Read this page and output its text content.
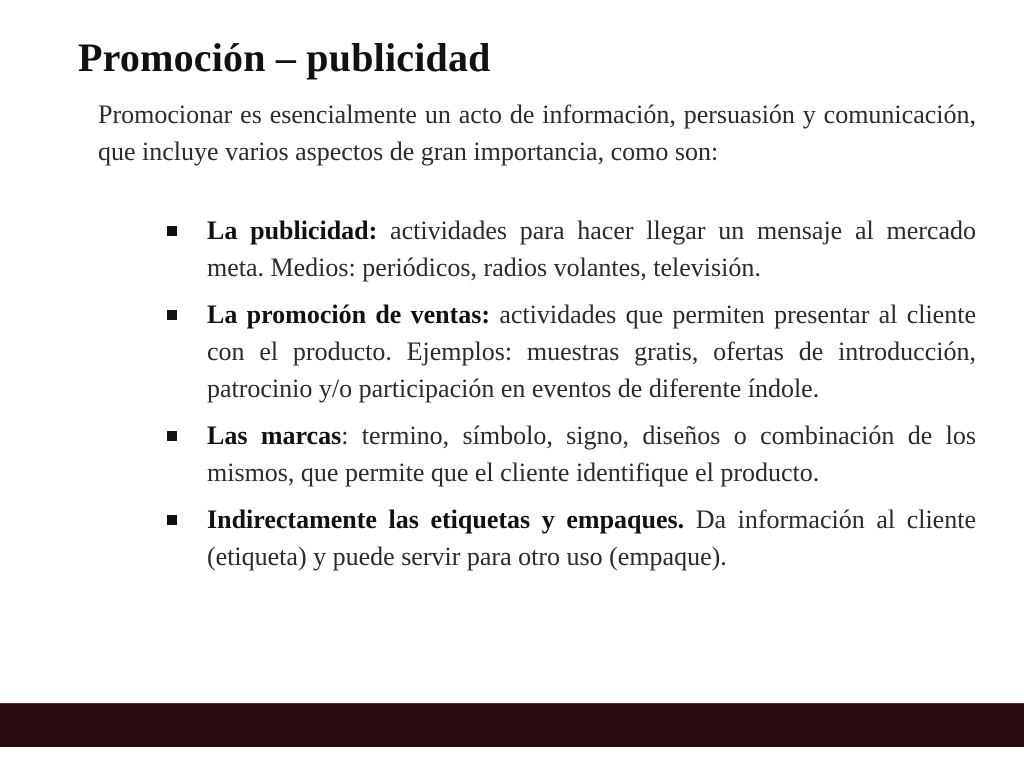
Promoción – publicidad

Promocionar es esencialmente un acto de información, persuasión y comunicación, que incluye varios aspectos de gran importancia, como son:

La publicidad: actividades para hacer llegar un mensaje al mercado meta. Medios: periódicos, radios volantes, televisión.
La promoción de ventas: actividades que permiten presentar al cliente con el producto. Ejemplos: muestras gratis, ofertas de introducción, patrocinio y/o participación en eventos de diferente índole.
Las marcas: termino, símbolo, signo, diseños o combinación de los mismos, que permite que el cliente identifique el producto.
Indirectamente las etiquetas y empaques. Da información al cliente (etiqueta) y puede servir para otro uso (empaque).
